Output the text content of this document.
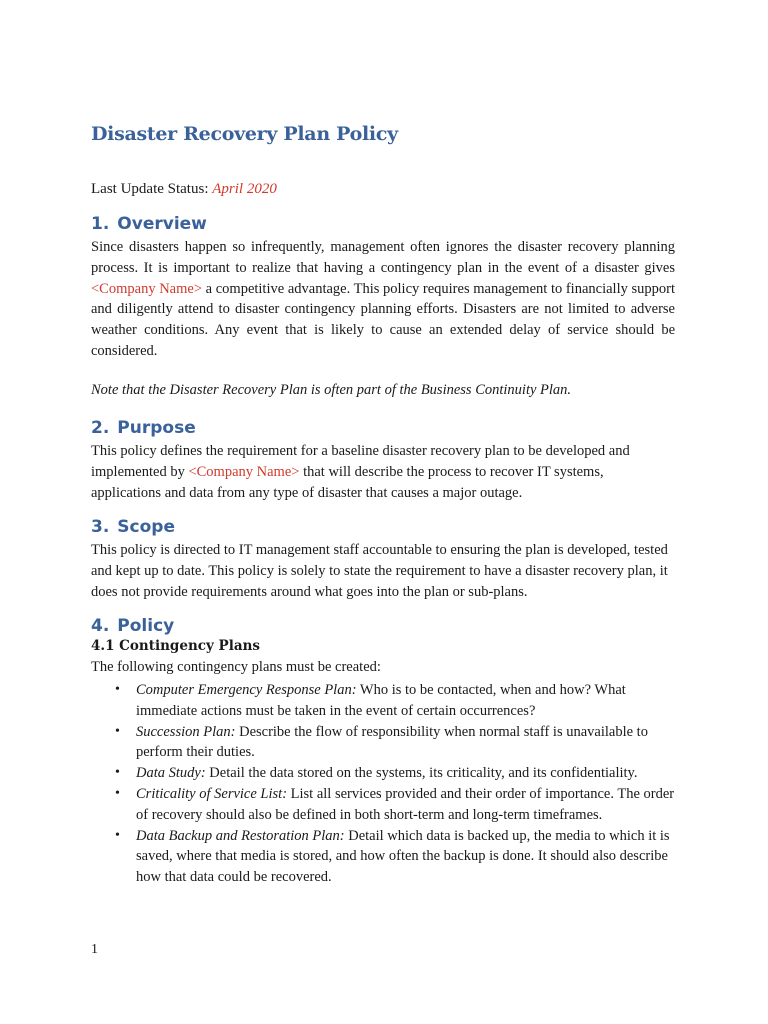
Disaster Recovery Plan Policy
Last Update Status: April 2020
1. Overview

Since disasters happen so infrequently, management often ignores the disaster recovery planning process. It is important to realize that having a contingency plan in the event of a disaster gives <Company Name> a competitive advantage. This policy requires management to financially support and diligently attend to disaster contingency planning efforts. Disasters are not limited to adverse weather conditions. Any event that is likely to cause an extended delay of service should be considered.

Note that the Disaster Recovery Plan is often part of the Business Continuity Plan.

2. Purpose

This policy defines the requirement for a baseline disaster recovery plan to be developed and implemented by <Company Name> that will describe the process to recover IT systems, applications and data from any type of disaster that causes a major outage.

3. Scope

This policy is directed to IT management staff accountable to ensuring the plan is developed, tested and kept up to date. This policy is solely to state the requirement to have a disaster recovery plan, it does not provide requirements around what goes into the plan or sub-plans.

4. Policy
4.1 Contingency Plans

The following contingency plans must be created:

• Computer Emergency Response Plan: Who is to be contacted, when and how? What immediate actions must be taken in the event of certain occurrences?
• Succession Plan: Describe the flow of responsibility when normal staff is unavailable to perform their duties.
• Data Study: Detail the data stored on the systems, its criticality, and its confidentiality.
• Criticality of Service List: List all services provided and their order of importance. The order of recovery should also be defined in both short-term and long-term timeframes.
• Data Backup and Restoration Plan: Detail which data is backed up, the media to which it is saved, where that media is stored, and how often the backup is done. It should also describe how that data could be recovered.
1
